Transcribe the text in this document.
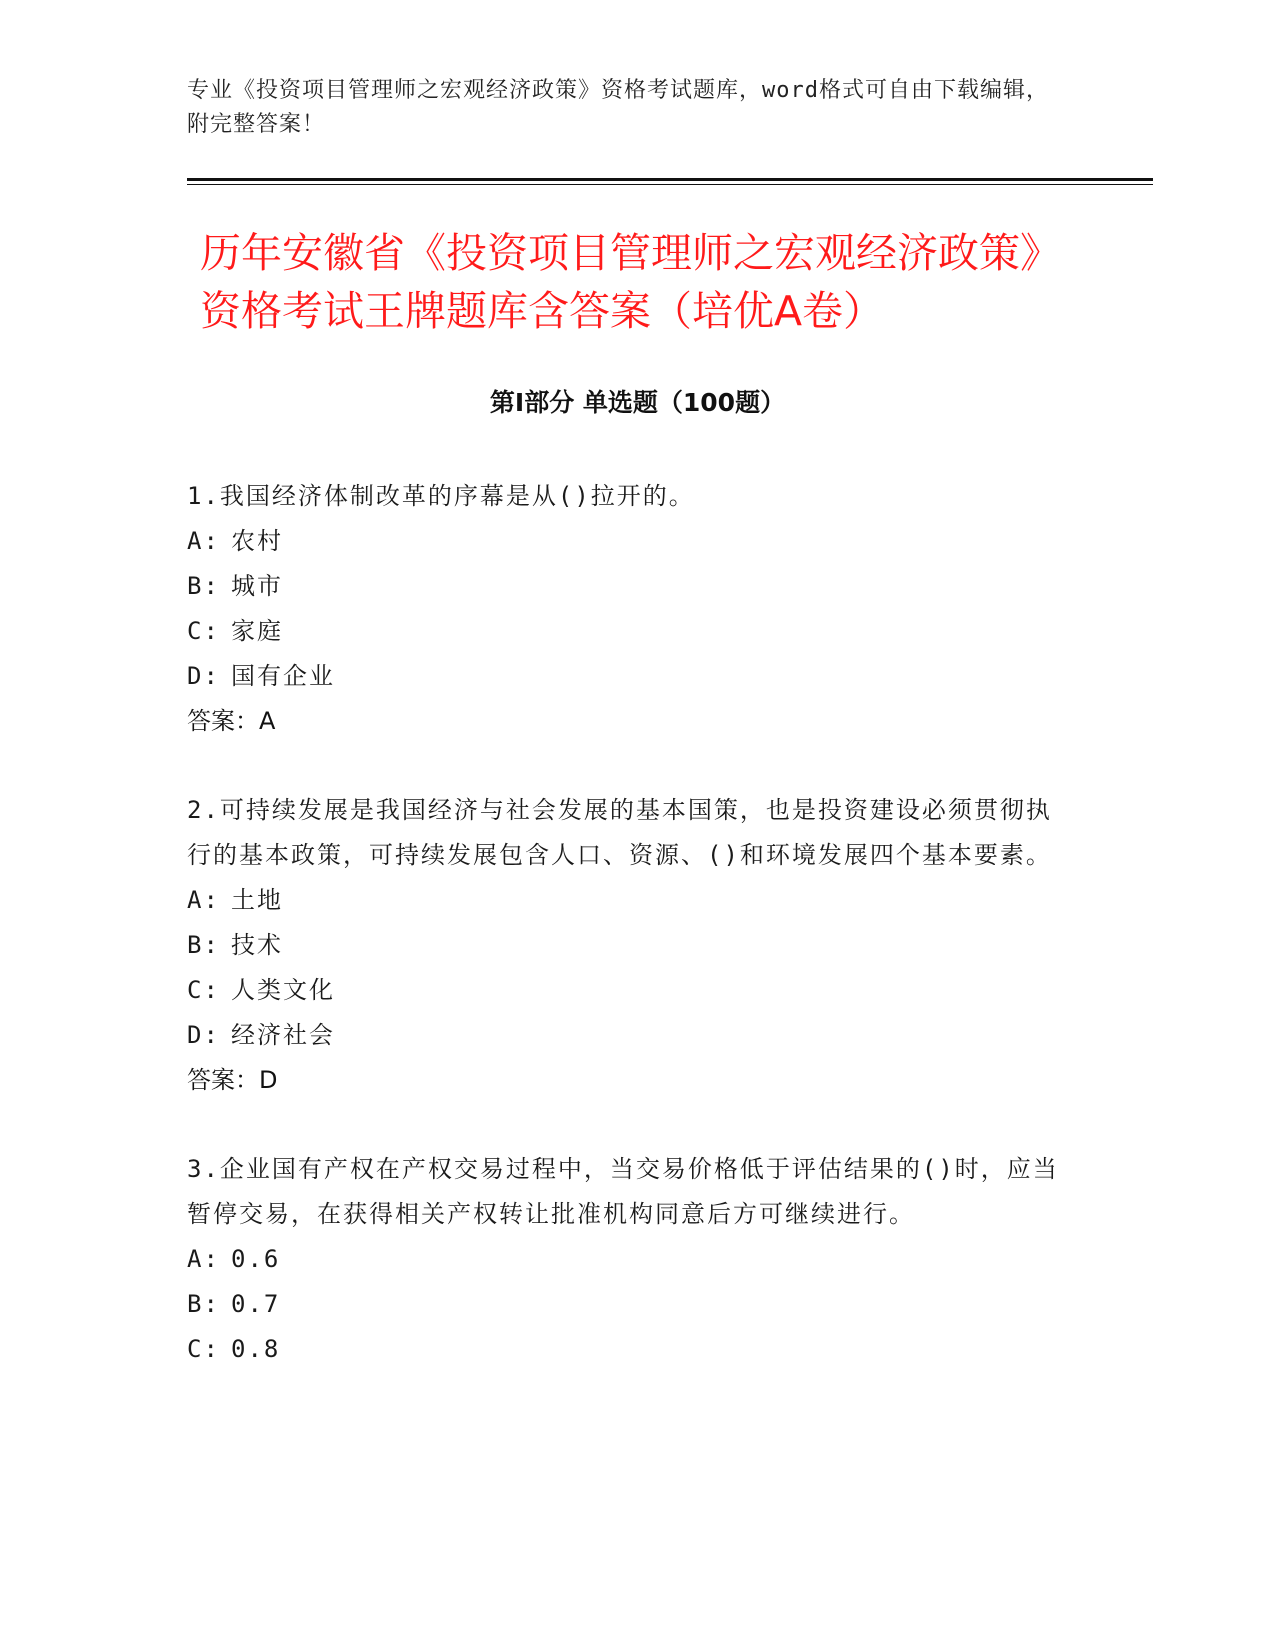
专业《投资项目管理师之宏观经济政策》资格考试题库，word格式可自由下载编辑，附完整答案！
历年安徽省《投资项目管理师之宏观经济政策》资格考试王牌题库含答案（培优A卷）
第I部分 单选题（100题）

1.我国经济体制改革的序幕是从()拉开的。

A: 农村
B: 城市
C: 家庭
D: 国有企业
答案：A

2.可持续发展是我国经济与社会发展的基本国策，也是投资建设必须贯彻执行的基本政策，可持续发展包含人口、资源、()和环境发展四个基本要素。

A: 土地
B: 技术
C: 人类文化
D: 经济社会
答案：D

3.企业国有产权在产权交易过程中，当交易价格低于评估结果的()时，应当暂停交易，在获得相关产权转让批准机构同意后方可继续进行。

A: 0.6
B: 0.7
C: 0.8
